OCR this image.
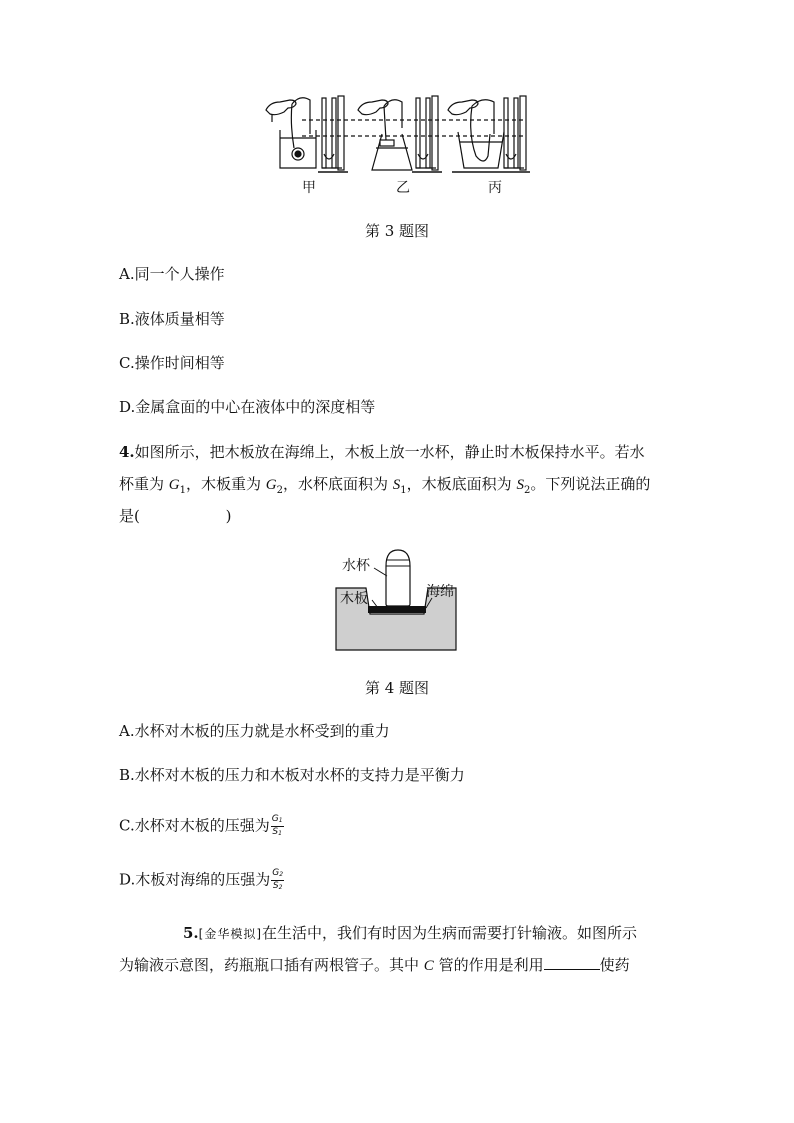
甲	乙	丙
第 3 题图
A.同一个人操作
B.液体质量相等
C.操作时间相等
D.金属盒面的中心在液体中的深度相等
4.如图所示，把木板放在海绵上，木板上放一水杯，静止时木板保持水平。若水
杯重为 $G_1$，木板重为 $G_2$，水杯底面积为 $S_1$，木板底面积为 $S_2$。下列说法正确的
是(                  )
水杯
木板	海绵
第 4 题图
A.水杯对木板的压力就是水杯受到的重力
B.水杯对木板的压力和木板对水杯的支持力是平衡力
C.水杯对木板的压强为 $\frac{G_1}{S_1}$
D.木板对海绵的压强为 $\frac{G_2}{S_2}$
5.[金华模拟]在生活中，我们有时因为生病而需要打针输液。如图所示
为输液示意图，药瓶瓶口插有两根管子。其中 C 管的作用是利用	使药
